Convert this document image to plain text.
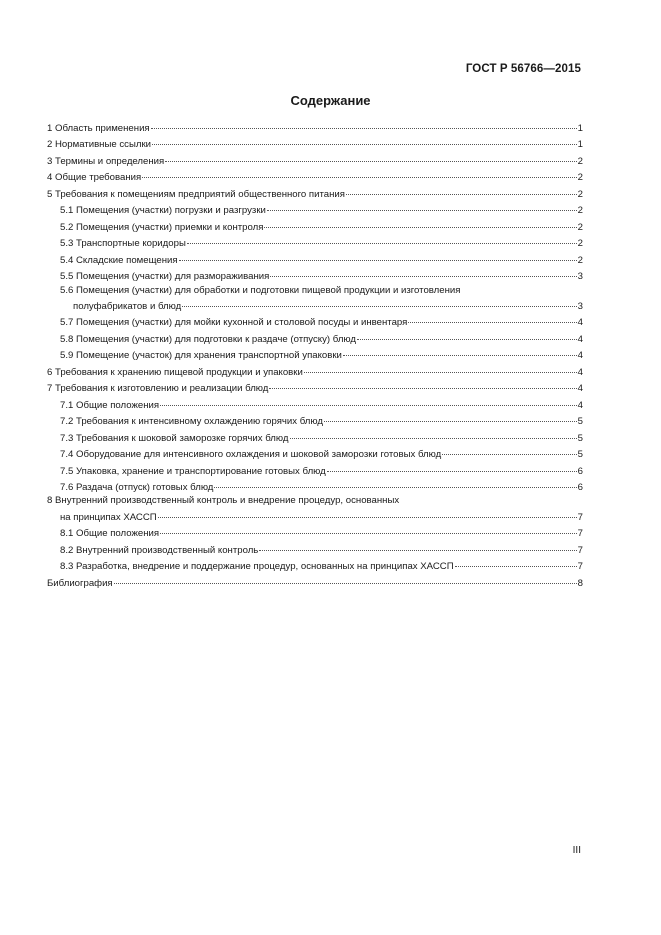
ГОСТ Р 56766—2015
Содержание
1 Область применения	1
2 Нормативные ссылки	1
3 Термины и определения	2
4 Общие требования	2
5 Требования к помещениям предприятий общественного питания	2
5.1 Помещения (участки) погрузки и разгрузки	2
5.2 Помещения (участки) приемки и контроля	2
5.3 Транспортные коридоры	2
5.4 Складские помещения	2
5.5 Помещения (участки) для размораживания	3
5.6 Помещения (участки) для обработки и подготовки пищевой продукции и изготовления
полуфабрикатов и блюд	3
5.7 Помещения (участки) для мойки кухонной и столовой посуды и инвентаря	4
5.8 Помещения (участки) для подготовки к раздаче (отпуску) блюд	4
5.9 Помещение (участок) для хранения транспортной упаковки	4
6 Требования к хранению пищевой продукции и упаковки	4
7 Требования к изготовлению и реализации блюд	4
7.1 Общие положения	4
7.2 Требования к интенсивному охлаждению горячих блюд	5
7.3 Требования к шоковой заморозке горячих блюд	5
7.4 Оборудование для интенсивного охлаждения и шоковой заморозки готовых блюд	5
7.5 Упаковка, хранение и транспортирование готовых блюд	6
7.6 Раздача (отпуск) готовых блюд	6
8 Внутренний производственный контроль и внедрение процедур, основанных
на принципах ХАССП	7
8.1 Общие положения	7
8.2 Внутренний производственный контроль	7
8.3 Разработка, внедрение и поддержание процедур, основанных на принципах ХАССП	7
Библиография	8
III
